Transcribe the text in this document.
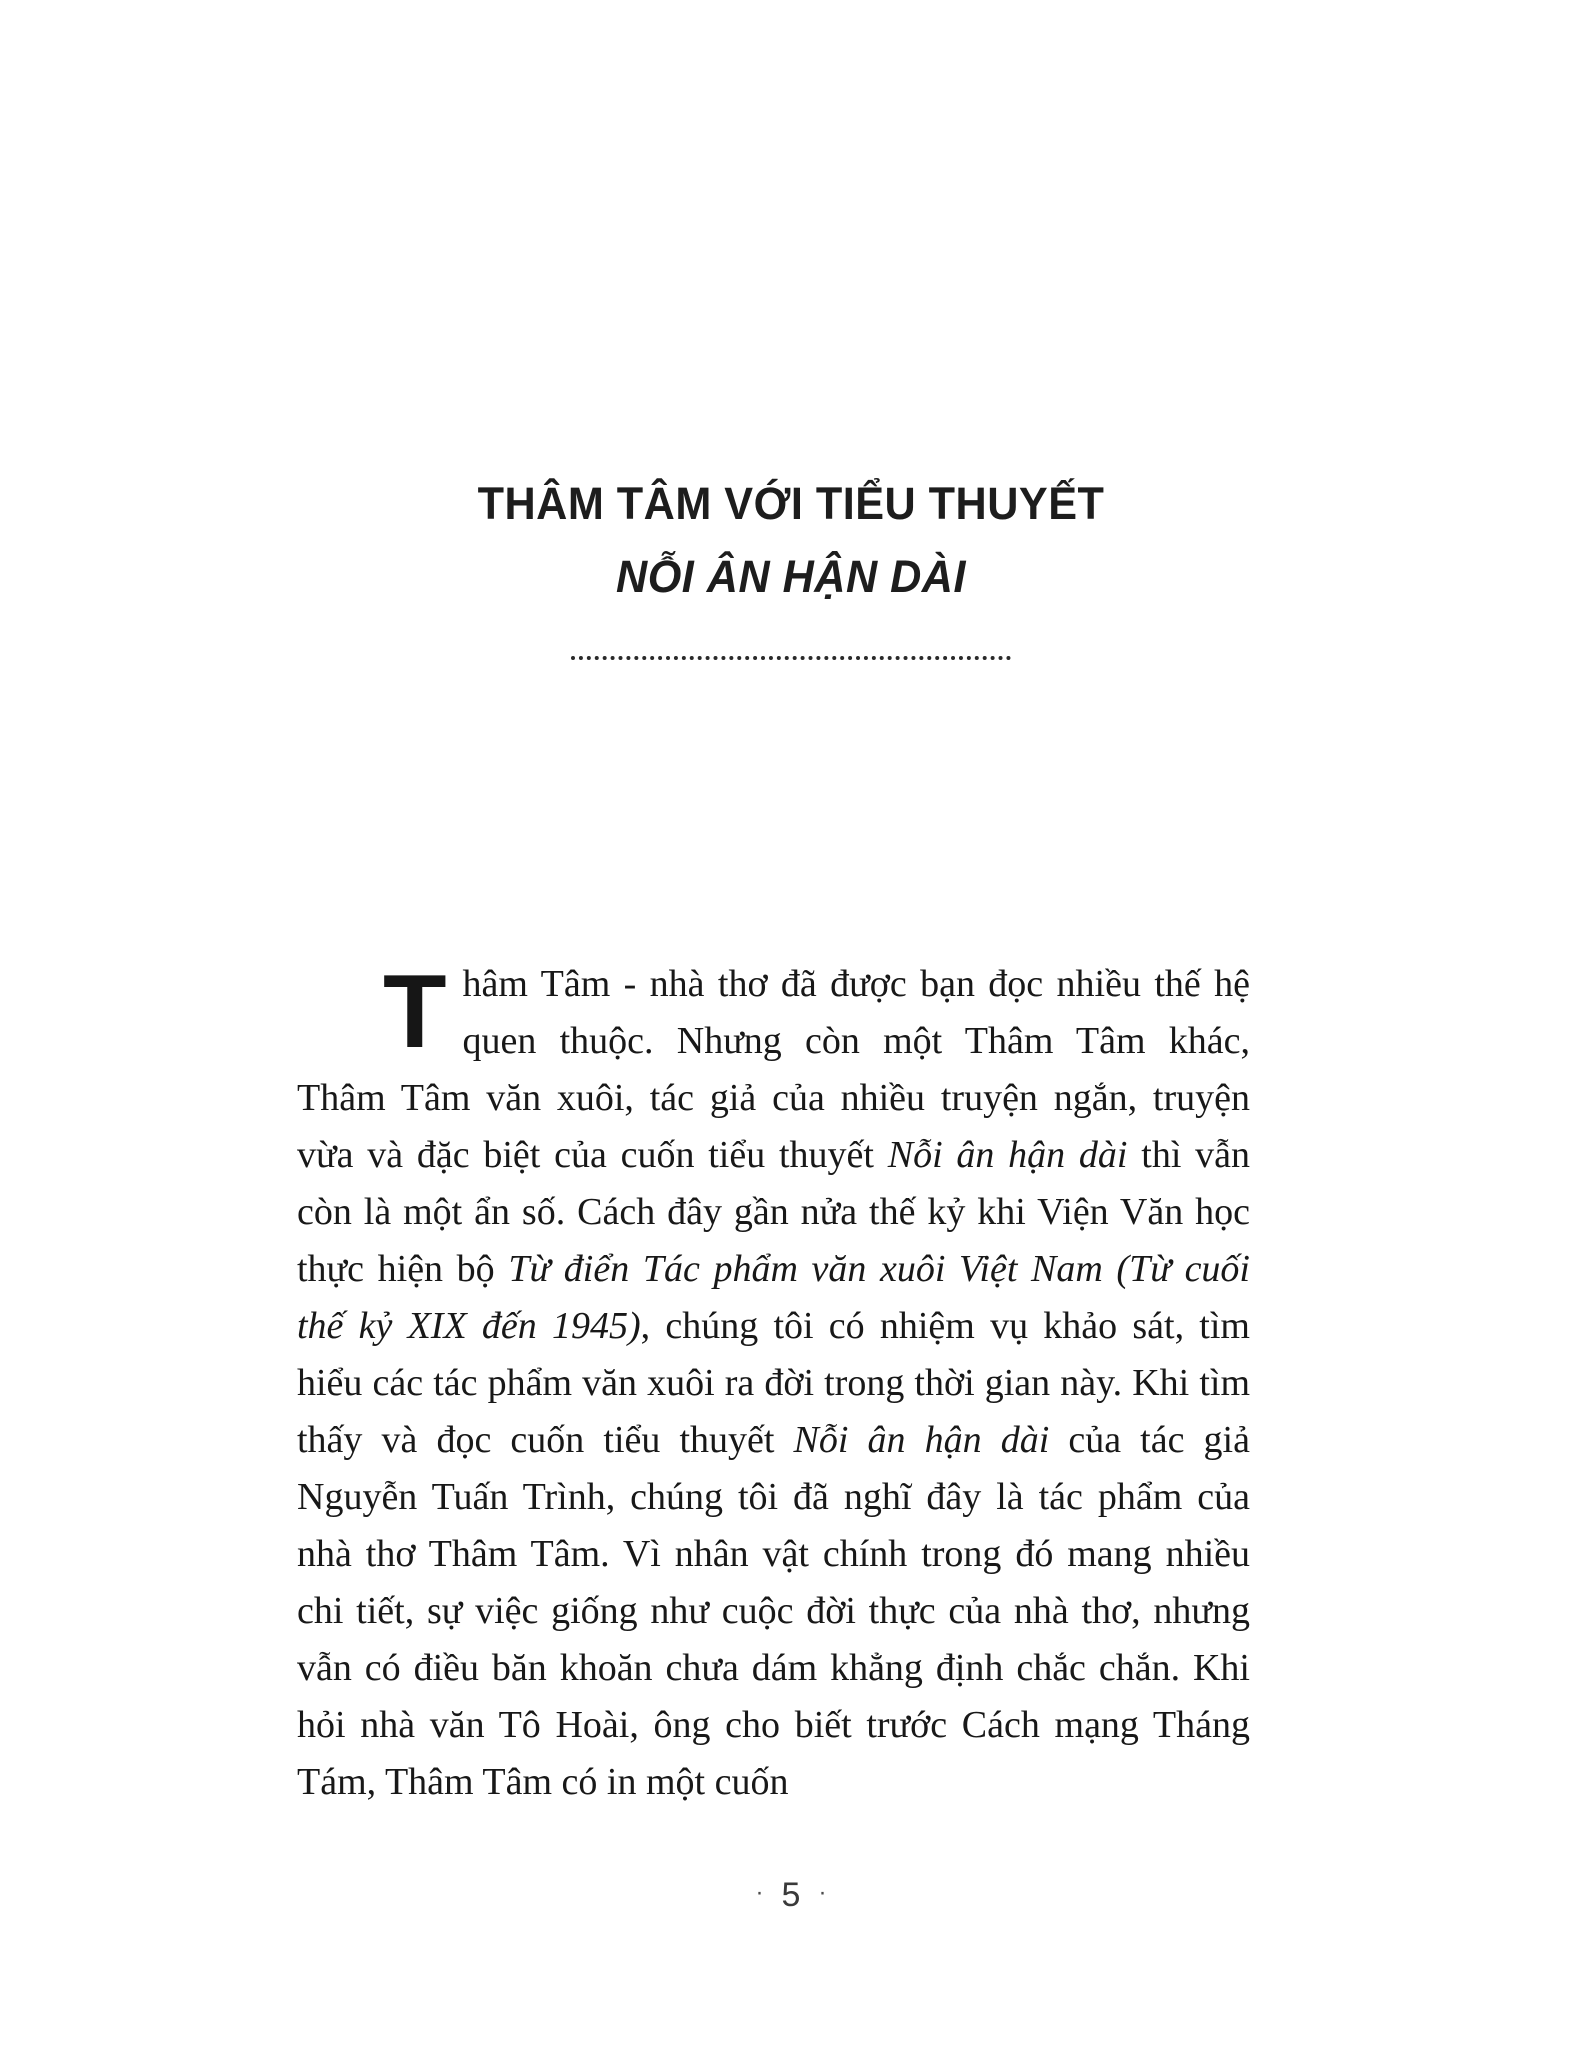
THÂM TÂM VỚI TIỂU THUYẾT
NỖI ÂN HẬN DÀI

Thâm Tâm - nhà thơ đã được bạn đọc nhiều thế hệ quen thuộc. Nhưng còn một Thâm Tâm khác, Thâm Tâm văn xuôi, tác giả của nhiều truyện ngắn, truyện vừa và đặc biệt của cuốn tiểu thuyết Nỗi ân hận dài thì vẫn còn là một ẩn số. Cách đây gần nửa thế kỷ khi Viện Văn học thực hiện bộ Từ điển Tác phẩm văn xuôi Việt Nam (Từ cuối thế kỷ XIX đến 1945), chúng tôi có nhiệm vụ khảo sát, tìm hiểu các tác phẩm văn xuôi ra đời trong thời gian này. Khi tìm thấy và đọc cuốn tiểu thuyết Nỗi ân hận dài của tác giả Nguyễn Tuấn Trình, chúng tôi đã nghĩ đây là tác phẩm của nhà thơ Thâm Tâm. Vì nhân vật chính trong đó mang nhiều chi tiết, sự việc giống như cuộc đời thực của nhà thơ, nhưng vẫn có điều băn khoăn chưa dám khẳng định chắc chắn. Khi hỏi nhà văn Tô Hoài, ông cho biết trước Cách mạng Tháng Tám, Thâm Tâm có in một cuốn

· 5 ·
